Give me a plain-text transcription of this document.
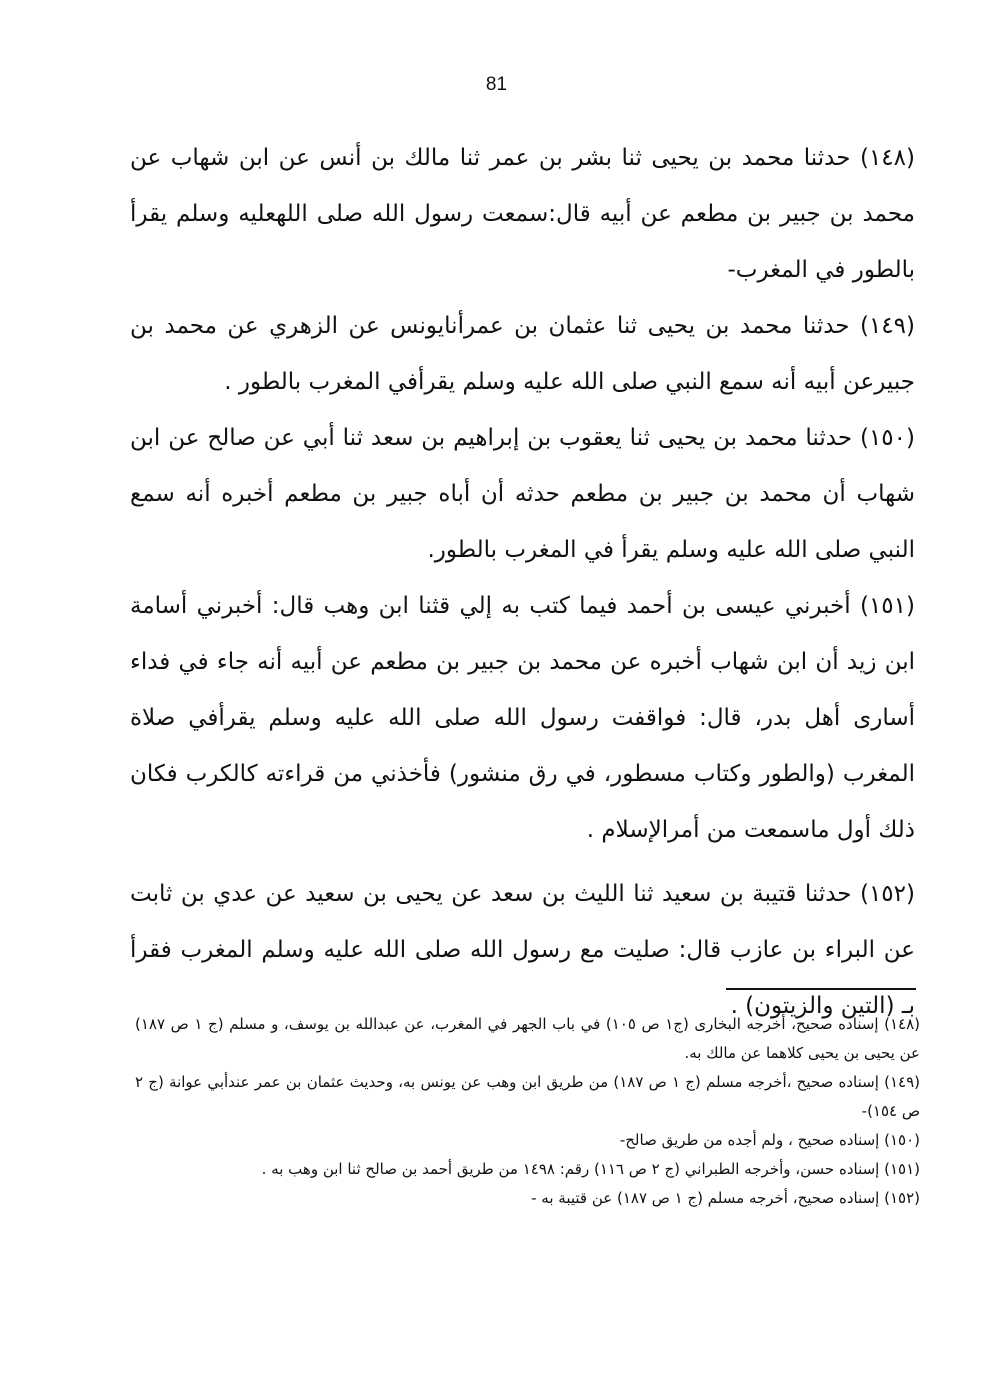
81

(١٤٨) حدثنا محمد بن يحيى ثنا بشر بن عمر ثنا مالك بن أنس عن ابن شهاب عن محمد بن جبير بن مطعم عن أبيه قال:سمعت رسول الله صلى اللهعليه وسلم يقرأ بالطور في المغرب-

(١٤٩) حدثنا محمد بن يحيى ثنا عثمان بن عمرأنايونس عن الزهري عن محمد بن جبيرعن أبيه أنه سمع النبي صلى الله عليه وسلم يقرأفي المغرب بالطور .

(١٥٠) حدثنا محمد بن يحيى ثنا يعقوب بن إبراهيم بن سعد ثنا أبي عن صالح عن ابن شهاب أن محمد بن جبير بن مطعم حدثه أن أباه جبير بن مطعم أخبره أنه سمع النبي صلى الله عليه وسلم يقرأ في المغرب بالطور.

(١٥١) أخبرني عيسى بن أحمد فيما كتب به إلي قثنا ابن وهب قال: أخبرني أسامة ابن زيد أن ابن شهاب أخبره عن محمد بن جبير بن مطعم عن أبيه أنه جاء في فداء أسارى أهل بدر، قال: فواقفت رسول الله صلى الله عليه وسلم يقرأفي صلاة المغرب (والطور وكتاب مسطور، في رق منشور) فأخذني من قراءته كالكرب فكان ذلك أول ماسمعت من أمرالإسلام .

(١٥٢) حدثنا قتيبة بن سعيد ثنا الليث بن سعد عن يحيى بن سعيد عن عدي بن ثابت عن البراء بن عازب قال: صليت مع رسول الله صلى الله عليه وسلم المغرب فقرأ بـ (التين والزيتون) .

(١٤٨) إسناده صحيح، أخرجه البخارى (ج١ ص ١٠٥) في باب الجهر في المغرب، عن عبدالله بن يوسف، و مسلم (ج ١ ص ١٨٧) عن يحيى بن يحيى كلاهما عن مالك به.

(١٤٩) إسناده صحيح ،أخرجه مسلم (ج ١ ص ١٨٧) من طريق ابن وهب عن يونس به، وحديث عثمان بن عمر عندأبي عوانة (ج ٢ ص ١٥٤)-

(١٥٠) إسناده صحيح ، ولم أجده من طريق صالح-

(١٥١) إسناده حسن، وأخرجه الطبراني (ج ٢ ص ١١٦) رقم: ١٤٩٨ من طريق أحمد بن صالح ثنا ابن وهب به .

(١٥٢) إسناده صحيح، أخرجه مسلم (ج ١ ص ١٨٧) عن قتيبة به -
